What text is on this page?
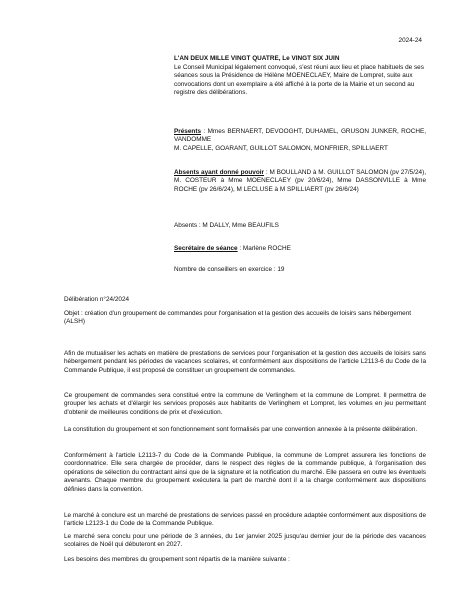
2024-24
L'AN DEUX MILLE VINGT QUATRE, Le VINGT SIX JUIN

Le Conseil Municipal légalement convoqué, s'est réuni aux lieu et place habituels de ses séances sous la Présidence de Hélène MOENECLAEY, Maire de Lompret, suite aux convocations dont un exemplaire a été affiché à la porte de la Mairie et un second au registre des délibérations.

Présents : Mmes BERNAERT, DEVOOGHT, DUHAMEL, GRUSON JUNKER, ROCHE, VANDOMME

M. CAPELLE, GOARANT, GUILLOT SALOMON, MONFRIER, SPILLIAERT

Absents ayant donné pouvoir : M BOULLAND à M. GUILLOT SALOMON (pv 27/5/24), M. COSTEUR à Mme MOENECLAEY (pv 20/6/24), Mme DASSONVILLE à Mme ROCHE (pv 26/6/24), M LECLUSE à M SPILLIAERT (pv 26/6/24)

Absents : M DALLY, Mme BEAUFILS

Secrétaire de séance : Marlène ROCHE

Nombre de conseillers en exercice : 19

Délibération n°24/2024

Objet : création d'un groupement de commandes pour l'organisation et la gestion des accueils de loisirs sans hébergement (ALSH)

Afin de mutualiser les achats en matière de prestations de services pour l'organisation et la gestion des accueils de loisirs sans hébergement pendant les périodes de vacances scolaires, et conformément aux dispositions de l'article L2113-6 du Code de la Commande Publique, il est proposé de constituer un groupement de commandes.

Ce groupement de commandes sera constitué entre la commune de Verlinghem et la commune de Lompret. Il permettra de grouper les achats et d'élargir les services proposés aux habitants de Verlinghem et Lompret, les volumes en jeu permettant d'obtenir de meilleures conditions de prix et d'exécution.

La constitution du groupement et son fonctionnement sont formalisés par une convention annexée à la présente délibération.

Conformément à l'article L2113-7 du Code de la Commande Publique, la commune de Lompret assurera les fonctions de coordonnatrice. Elle sera chargée de procéder, dans le respect des règles de la commande publique, à l'organisation des opérations de sélection du contractant ainsi que de la signature et la notification du marché. Elle passera en outre les éventuels avenants. Chaque membre du groupement exécutera la part de marché dont il a la charge conformément aux dispositions définies dans la convention.

Le marché à conclure est un marché de prestations de services passé en procédure adaptée conformément aux dispositions de l'article L2123-1 du Code de la Commande Publique.

Le marché sera conclu pour une période de 3 années, du 1er janvier 2025 jusqu'au dernier jour de la période des vacances scolaires de Noël qui débuteront en 2027.

Les besoins des membres du groupement sont répartis de la manière suivante :
